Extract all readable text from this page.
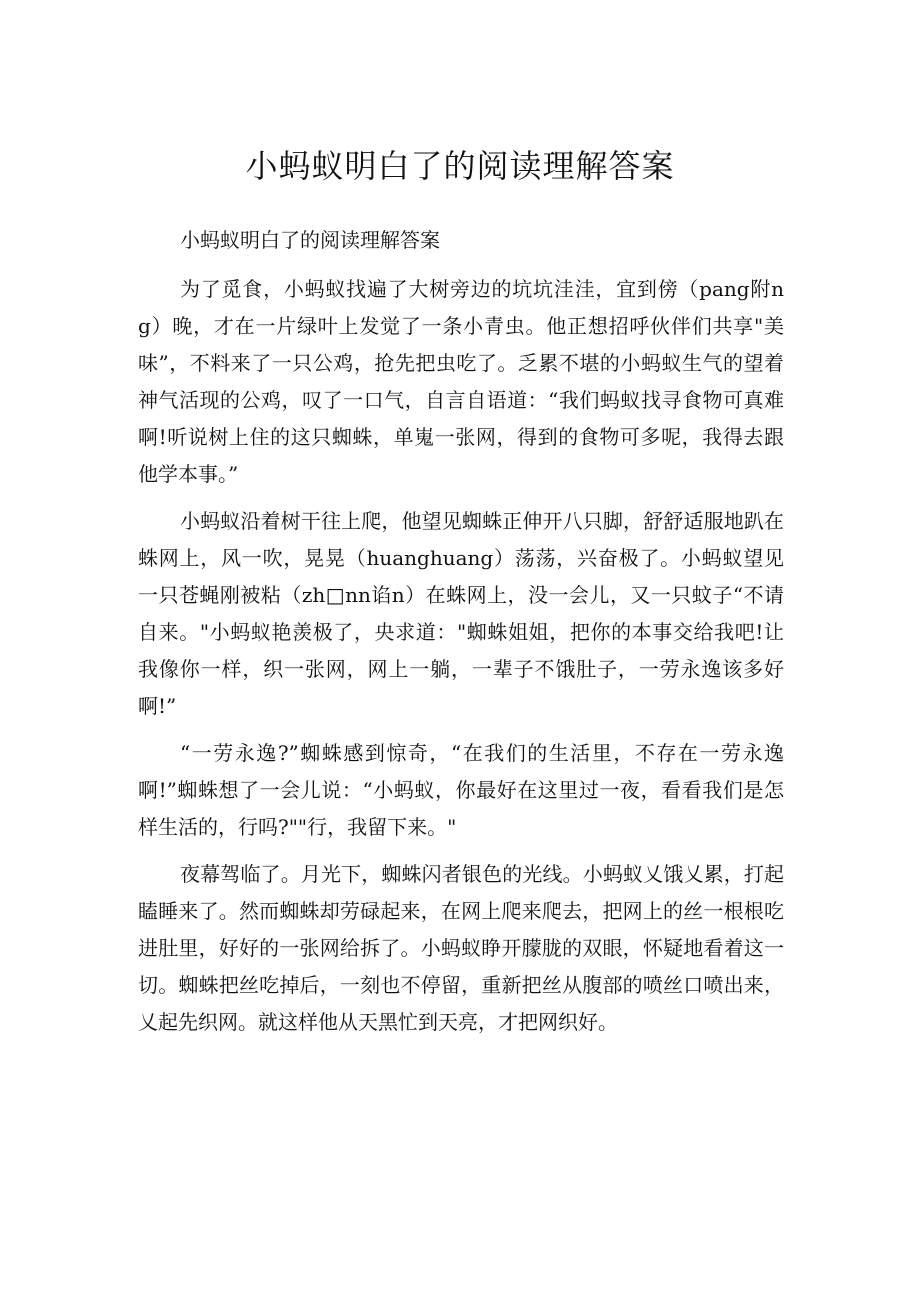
小蚂蚁明白了的阅读理解答案

小蚂蚁明白了的阅读理解答案

为了觅食，小蚂蚁找遍了大树旁边的坑坑洼洼，宜到傍（pang附ng）晚，才在一片绿叶上发觉了一条小青虫。他正想招呼伙伴们共享"美味”，不料来了一只公鸡，抢先把虫吃了。乏累不堪的小蚂蚁生气的望着神气活现的公鸡，叹了一口气，自言自语道：“我们蚂蚁找寻食物可真难啊!听说树上住的这只蜘蛛，单嵬一张网，得到的食物可多呢，我得去跟他学本事。”

小蚂蚁沿着树干往上爬，他望见蜘蛛正伸开八只脚，舒舒适服地趴在蛛网上，风一吹，晃晃（huanghuang）荡荡，兴奋极了。小蚂蚁望见一只苍蝇刚被粘（zh□nn谄n）在蛛网上，没一会儿，又一只蚊子“不请自来。"小蚂蚁艳羡极了，央求道："蜘蛛姐姐，把你的本事交给我吧!让我像你一样，织一张网，网上一躺，一辈子不饿肚子，一劳永逸该多好啊!”

“一劳永逸?”蜘蛛感到惊奇，“在我们的生活里，不存在一劳永逸啊!”蜘蛛想了一会儿说：“小蚂蚁，你最好在这里过一夜，看看我们是怎样生活的，行吗?""行，我留下来。"

夜幕驾临了。月光下，蜘蛛闪者银色的光线。小蚂蚁乂饿乂累，打起瞌睡来了。然而蜘蛛却劳碌起来，在网上爬来爬去，把网上的丝一根根吃进肚里，好好的一张网给拆了。小蚂蚁睁开朦胧的双眼，怀疑地看着这一切。蜘蛛把丝吃掉后，一刻也不停留，重新把丝从腹部的喷丝口喷出来，乂起先织网。就这样他从天黑忙到天亮，才把网织好。
